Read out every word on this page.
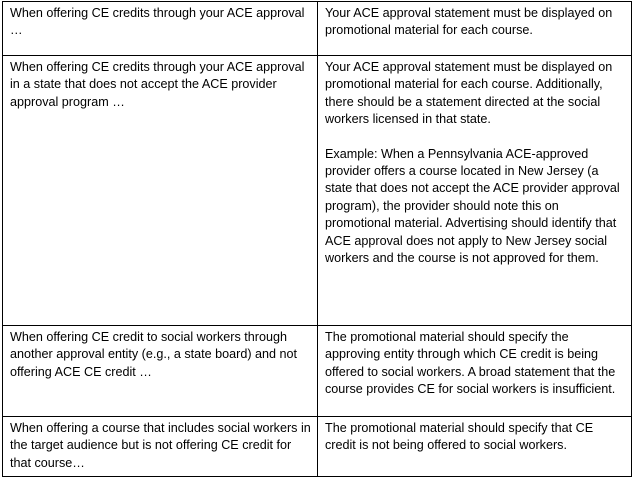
When offering CE credits through your ACE approval …	Your ACE approval statement must be displayed on promotional material for each course.

When offering CE credits through your ACE approval in a state that does not accept the ACE provider approval program …	Your ACE approval statement must be displayed on promotional material for each course. Additionally, there should be a statement directed at the social workers licensed in that state.

Example: When a Pennsylvania ACE-approved provider offers a course located in New Jersey (a state that does not accept the ACE provider approval program), the provider should note this on promotional material. Advertising should identify that ACE approval does not apply to New Jersey social workers and the course is not approved for them.

When offering CE credit to social workers through another approval entity (e.g., a state board) and not offering ACE CE credit …	The promotional material should specify the approving entity through which CE credit is being offered to social workers. A broad statement that the course provides CE for social workers is insufficient.

When offering a course that includes social workers in the target audience but is not offering CE credit for that course…	The promotional material should specify that CE credit is not being offered to social workers.
